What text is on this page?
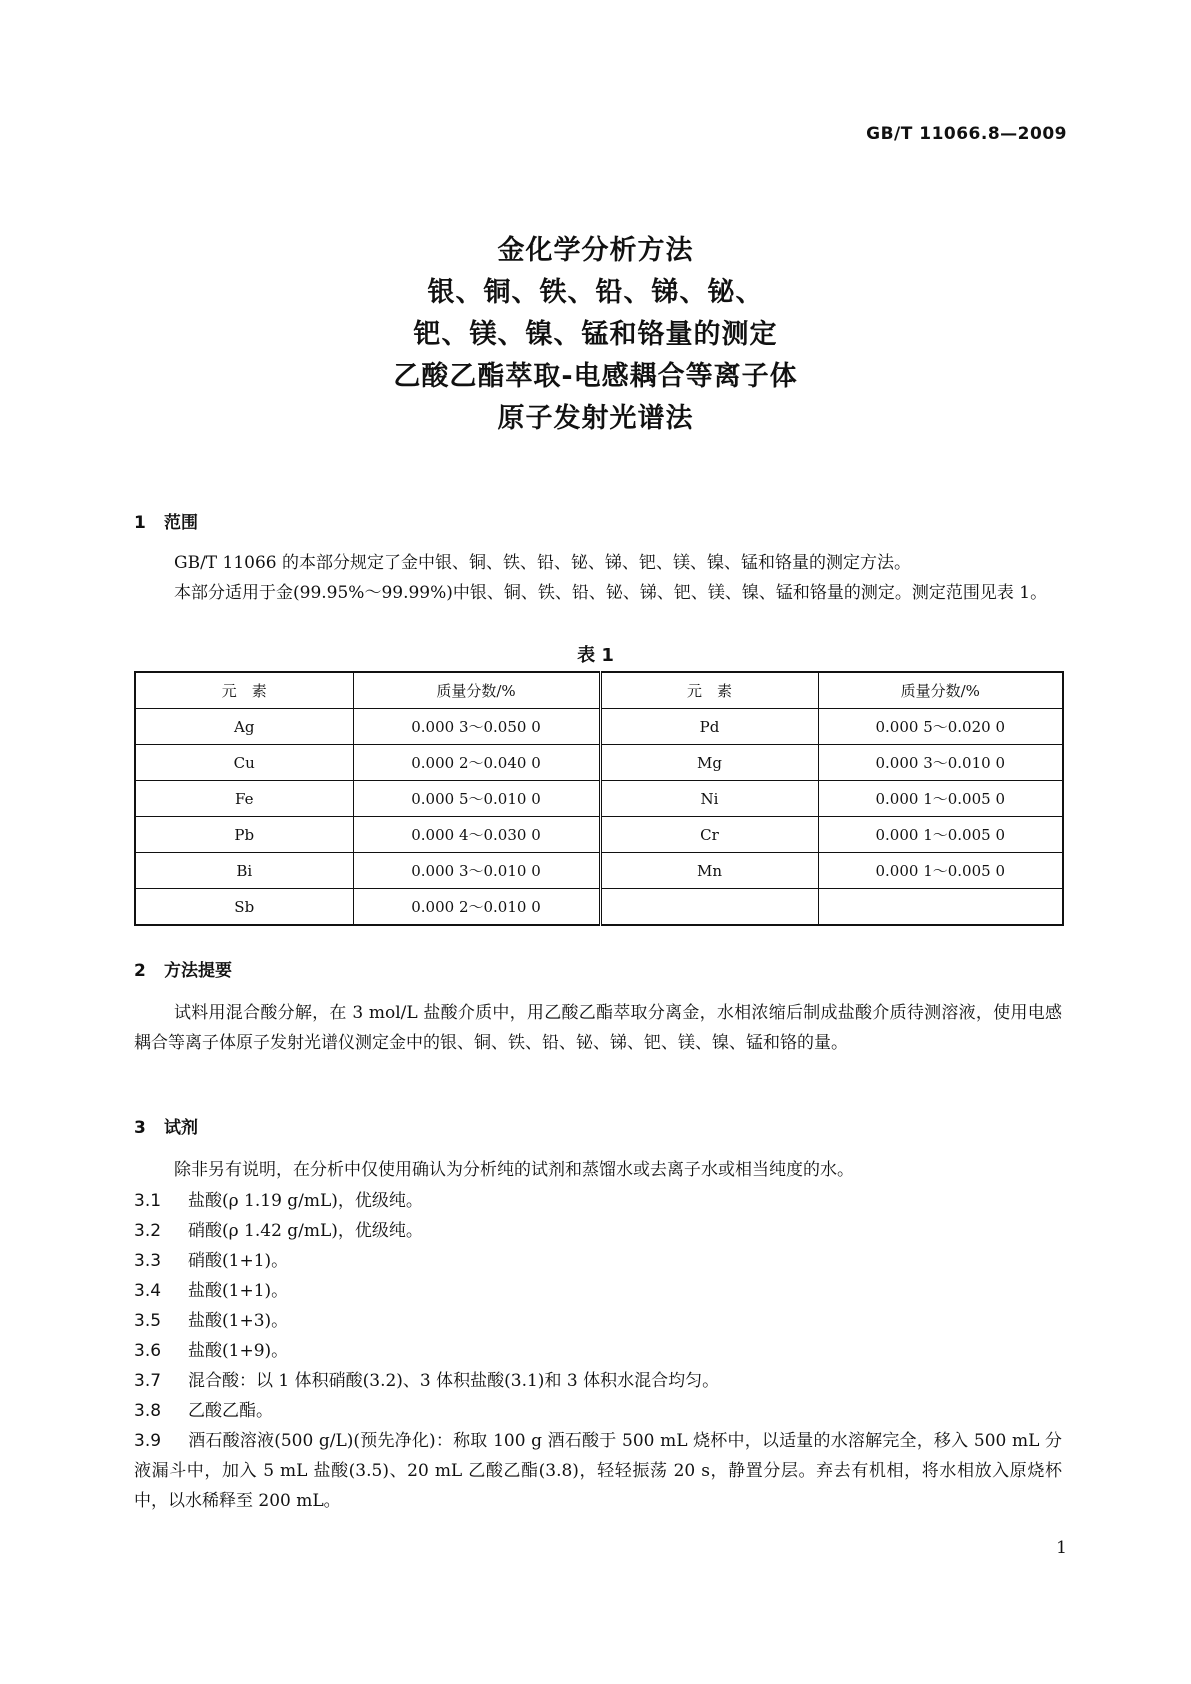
GB/T 11066.8—2009
金化学分析方法
银、铜、铁、铅、锑、铋、
钯、镁、镍、锰和铬量的测定
乙酸乙酯萃取-电感耦合等离子体
原子发射光谱法
1 范围
GB/T 11066 的本部分规定了金中银、铜、铁、铅、铋、锑、钯、镁、镍、锰和铬量的测定方法。
本部分适用于金(99.95%～99.99%)中银、铜、铁、铅、铋、锑、钯、镁、镍、锰和铬量的测定。测定范围见表 1。
表 1
元　素	质量分数/%	元　素	质量分数/%
Ag	0.000 3～0.050 0	Pd	0.000 5～0.020 0
Cu	0.000 2～0.040 0	Mg	0.000 3～0.010 0
Fe	0.000 5～0.010 0	Ni	0.000 1～0.005 0
Pb	0.000 4～0.030 0	Cr	0.000 1～0.005 0
Bi	0.000 3～0.010 0	Mn	0.000 1～0.005 0
Sb	0.000 2～0.010 0		
2 方法提要
试料用混合酸分解，在 3 mol/L 盐酸介质中，用乙酸乙酯萃取分离金，水相浓缩后制成盐酸介质待测溶液，使用电感耦合等离子体原子发射光谱仪测定金中的银、铜、铁、铅、铋、锑、钯、镁、镍、锰和铬的量。
3 试剂
除非另有说明，在分析中仅使用确认为分析纯的试剂和蒸馏水或去离子水或相当纯度的水。
3.1 盐酸(ρ 1.19 g/mL)，优级纯。
3.2 硝酸(ρ 1.42 g/mL)，优级纯。
3.3 硝酸(1+1)。
3.4 盐酸(1+1)。
3.5 盐酸(1+3)。
3.6 盐酸(1+9)。
3.7 混合酸：以 1 体积硝酸(3.2)、3 体积盐酸(3.1)和 3 体积水混合均匀。
3.8 乙酸乙酯。
3.9 酒石酸溶液(500 g/L)(预先净化)：称取 100 g 酒石酸于 500 mL 烧杯中，以适量的水溶解完全，移入 500 mL 分液漏斗中，加入 5 mL 盐酸(3.5)、20 mL 乙酸乙酯(3.8)，轻轻振荡 20 s，静置分层。弃去有机相，将水相放入原烧杯中，以水稀释至 200 mL。
1
